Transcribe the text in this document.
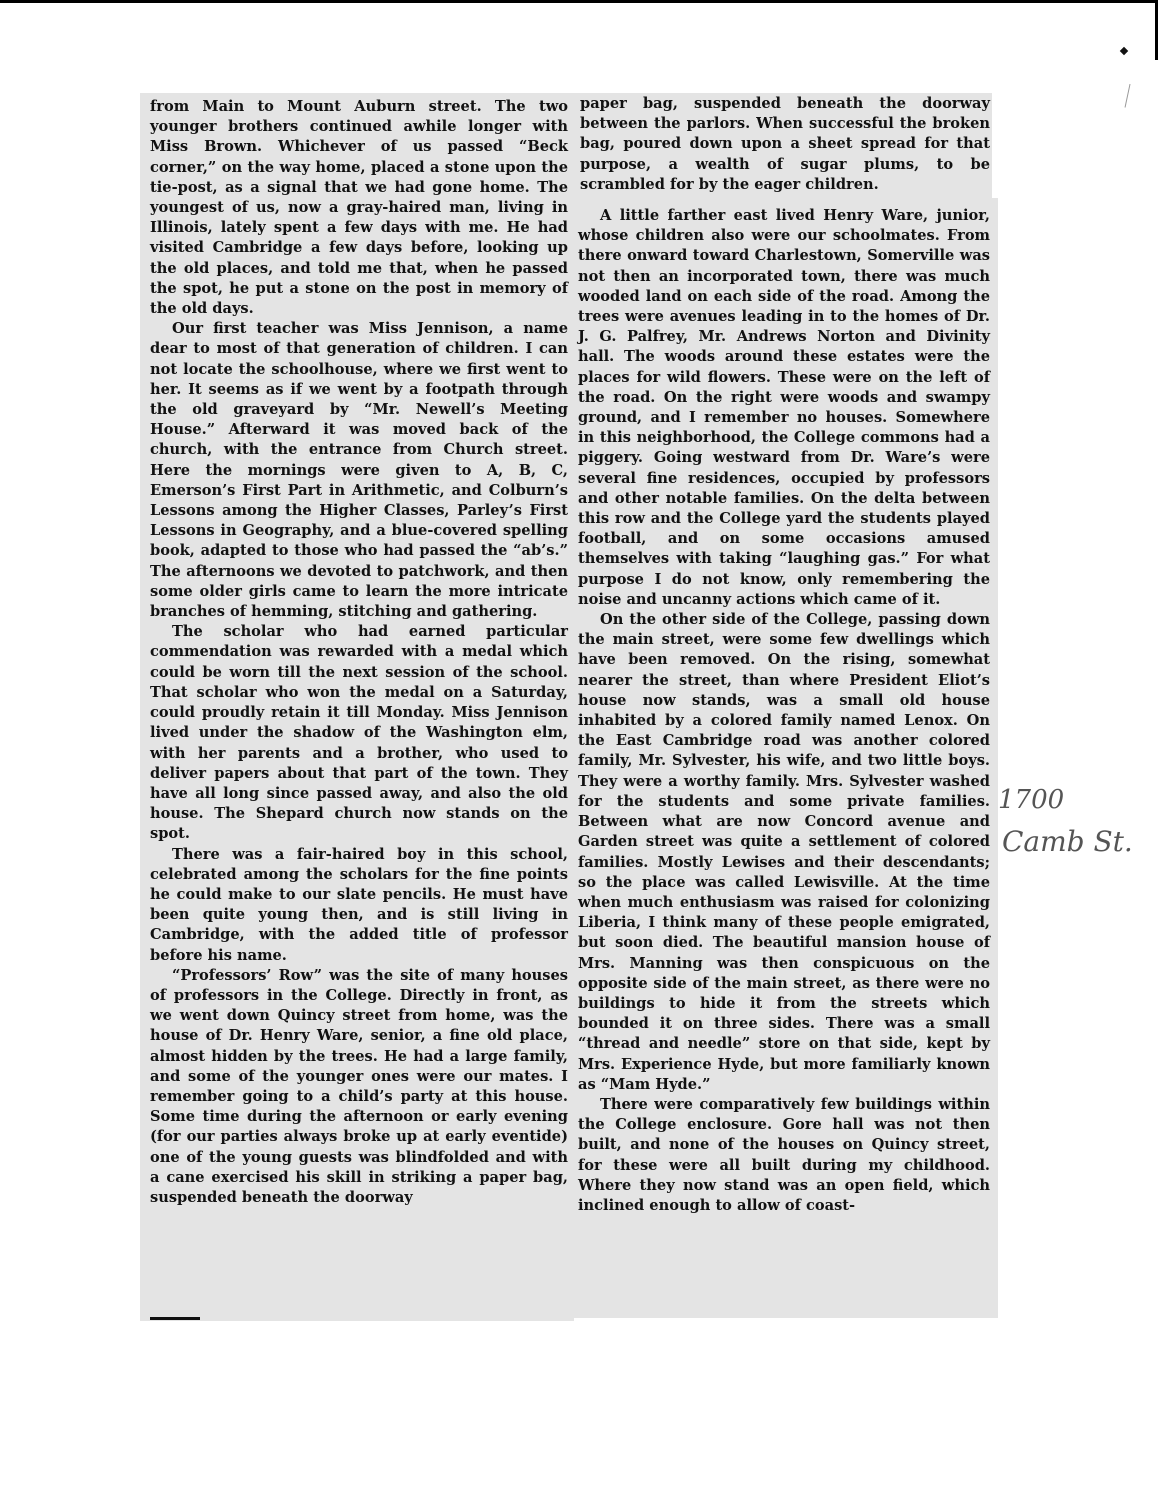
from Main to Mount Auburn street. The two younger brothers continued awhile longer with Miss Brown. Whichever of us passed “Beck corner,” on the way home, placed a stone upon the tie-post, as a signal that we had gone home. The youngest of us, now a gray-haired man, living in Illinois, lately spent a few days with me. He had visited Cambridge a few days before, looking up the old places, and told me that, when he passed the spot, he put a stone on the post in memory of the old days.

Our first teacher was Miss Jennison, a name dear to most of that generation of children. I can not locate the schoolhouse, where we first went to her. It seems as if we went by a footpath through the old graveyard by “Mr. Newell’s Meeting House.” Afterward it was moved back of the church, with the entrance from Church street. Here the mornings were given to A, B, C, Emerson’s First Part in Arithmetic, and Colburn’s Lessons among the Higher Classes, Parley’s First Lessons in Geography, and a blue-covered spelling book, adapted to those who had passed the “ab’s.” The afternoons we devoted to patchwork, and then some older girls came to learn the more intricate branches of hemming, stitching and gathering.

The scholar who had earned particular commendation was rewarded with a medal which could be worn till the next session of the school. That scholar who won the medal on a Saturday, could proudly retain it till Monday. Miss Jennison lived under the shadow of the Washington elm, with her parents and a brother, who used to deliver papers about that part of the town. They have all long since passed away, and also the old house. The Shepard church now stands on the spot.

There was a fair-haired boy in this school, celebrated among the scholars for the fine points he could make to our slate pencils. He must have been quite young then, and is still living in Cambridge, with the added title of professor before his name.

“Professors’ Row” was the site of many houses of professors in the College. Directly in front, as we went down Quincy street from home, was the house of Dr. Henry Ware, senior, a fine old place, almost hidden by the trees. He had a large family, and some of the younger ones were our mates. I remember going to a child’s party at this house. Some time during the afternoon or early evening (for our parties always broke up at early eventide) one of the young guests was blindfolded and with a cane exercised his skill in striking a paper bag, suspended beneath the doorway

paper bag, suspended beneath the doorway between the parlors. When successful the broken bag, poured down upon a sheet spread for that purpose, a wealth of sugar plums, to be scrambled for by the eager children.

A little farther east lived Henry Ware, junior, whose children also were our schoolmates. From there onward toward Charlestown, Somerville was not then an incorporated town, there was much wooded land on each side of the road. Among the trees were avenues leading in to the homes of Dr. J. G. Palfrey, Mr. Andrews Norton and Divinity hall. The woods around these estates were the places for wild flowers. These were on the left of the road. On the right were woods and swampy ground, and I remember no houses. Somewhere in this neighborhood, the College commons had a piggery. Going westward from Dr. Ware’s were several fine residences, occupied by professors and other notable families. On the delta between this row and the College yard the students played football, and on some occasions amused themselves with taking “laughing gas.” For what purpose I do not know, only remembering the noise and uncanny actions which came of it.

On the other side of the College, passing down the main street, were some few dwellings which have been removed. On the rising, somewhat nearer the street, than where President Eliot’s house now stands, was a small old house inhabited by a colored family named Lenox. On the East Cambridge road was another colored family, Mr. Sylvester, his wife, and two little boys. They were a worthy family. Mrs. Sylvester washed for the students and some private families. Between what are now Concord avenue and Garden street was quite a settlement of colored families. Mostly Lewises and their descendants; so the place was called Lewisville. At the time when much enthusiasm was raised for colonizing Liberia, I think many of these people emigrated, but soon died. The beautiful mansion house of Mrs. Manning was then conspicuous on the opposite side of the main street, as there were no buildings to hide it from the streets which bounded it on three sides. There was a small “thread and needle” store on that side, kept by Mrs. Experience Hyde, but more familiarly known as “Mam Hyde.”

There were comparatively few buildings within the College enclosure. Gore hall was not then built, and none of the houses on Quincy street, for these were all built during my childhood. Where they now stand was an open field, which inclined enough to allow of coast-

1700
Camb St.
